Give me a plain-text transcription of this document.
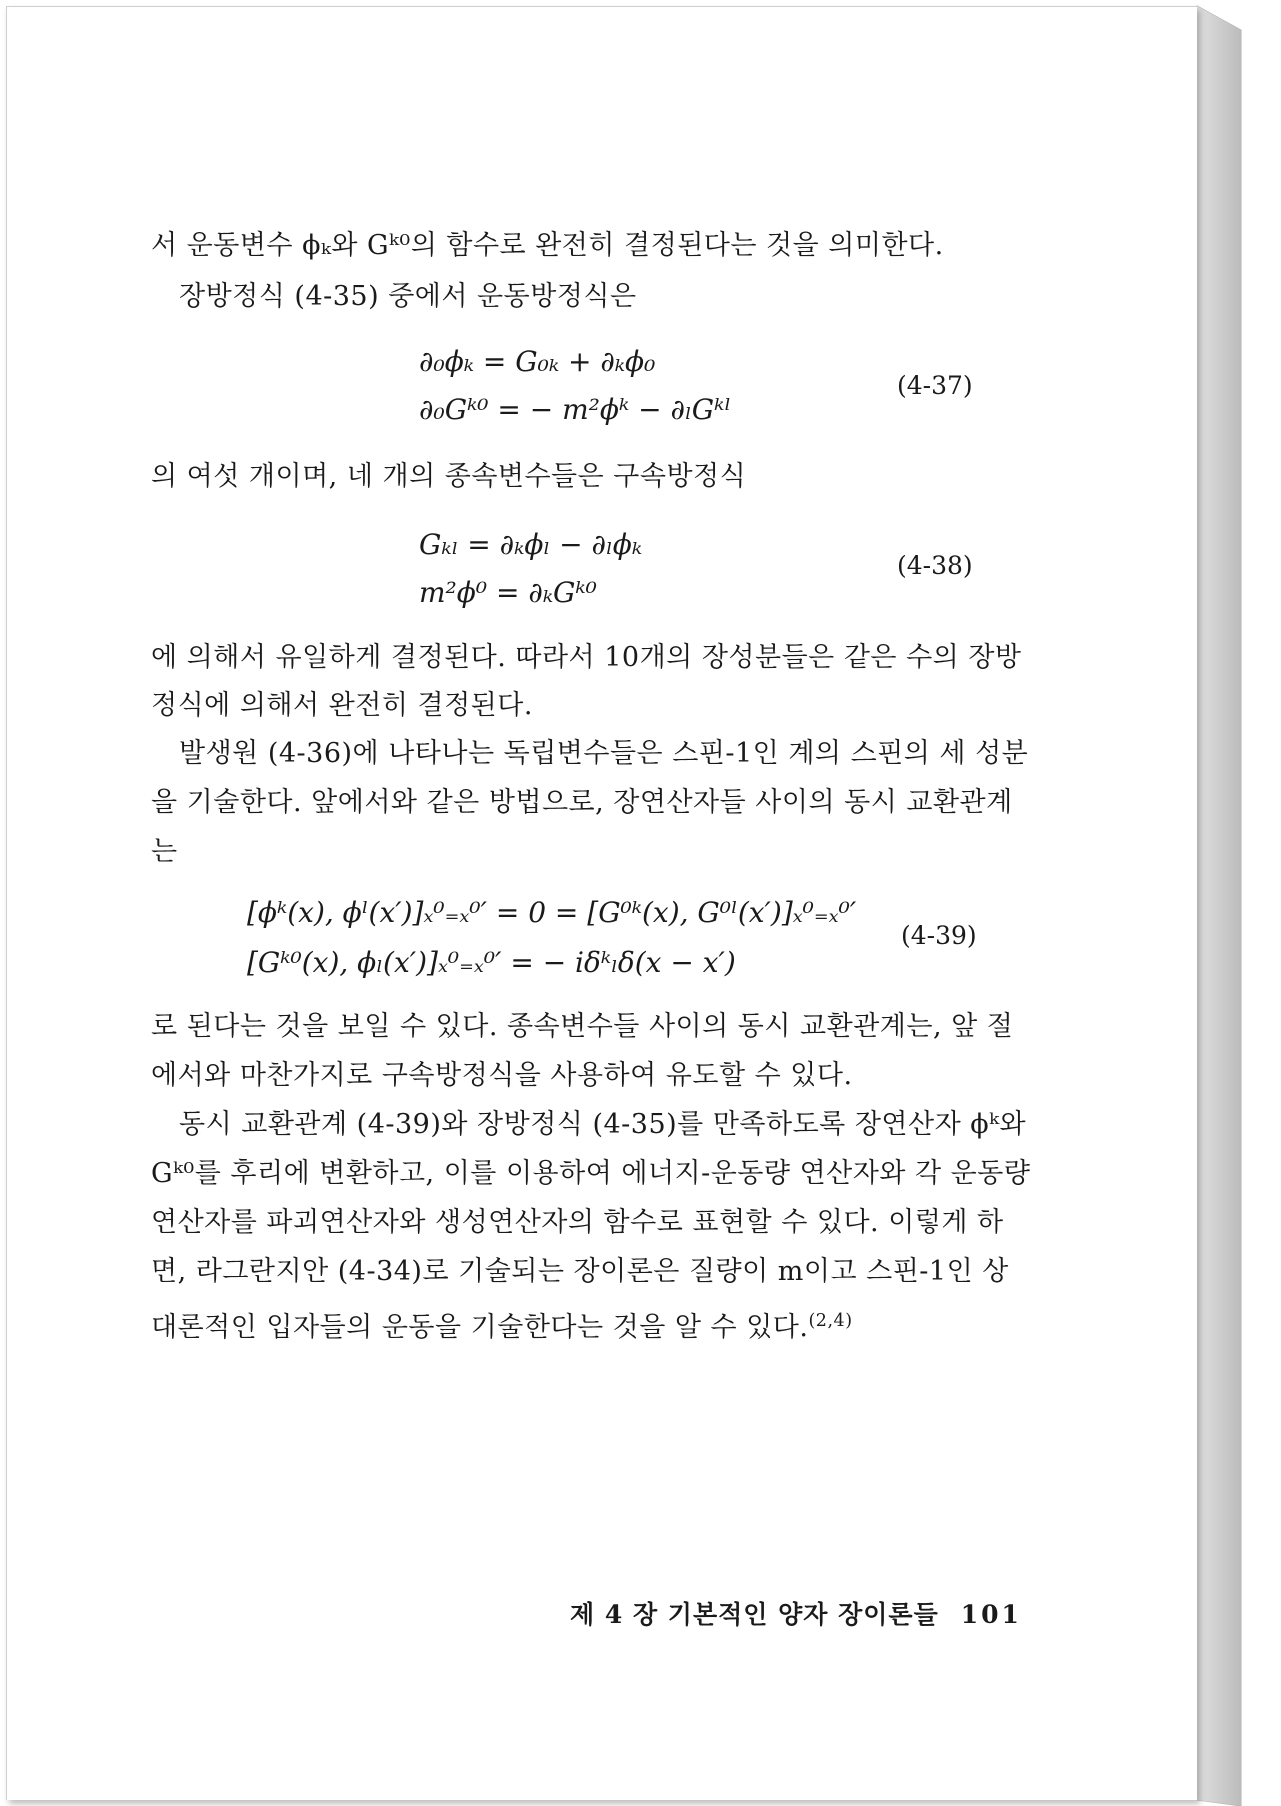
서 운동변수 ϕₖ와 Gᵏ⁰의 함수로 완전히 결정된다는 것을 의미한다.
장방정식 (4-35) 중에서 운동방정식은
∂₀ϕₖ = G₀ₖ + ∂ₖϕ₀
∂₀Gᵏ⁰ = − m²ϕᵏ − ∂ₗGᵏˡ
(4-37)
의 여섯 개이며, 네 개의 종속변수들은 구속방정식
Gₖₗ = ∂ₖϕₗ − ∂ₗϕₖ
m²ϕ⁰ = ∂ₖGᵏ⁰
(4-38)
에 의해서 유일하게 결정된다. 따라서 10개의 장성분들은 같은 수의 장방
정식에 의해서 완전히 결정된다.
발생원 (4-36)에 나타나는 독립변수들은 스핀-1인 계의 스핀의 세 성분
을 기술한다. 앞에서와 같은 방법으로, 장연산자들 사이의 동시 교환관계
는
[ϕᵏ(x), ϕˡ(x′)]ₓ⁰₌ₓ⁰′ = 0 = [G⁰ᵏ(x), G⁰ˡ(x′)]ₓ⁰₌ₓ⁰′
[Gᵏ⁰(x), ϕₗ(x′)]ₓ⁰₌ₓ⁰′ = − iδᵏₗδ(x − x′)
(4-39)
로 된다는 것을 보일 수 있다. 종속변수들 사이의 동시 교환관계는, 앞 절
에서와 마찬가지로 구속방정식을 사용하여 유도할 수 있다.
동시 교환관계 (4-39)와 장방정식 (4-35)를 만족하도록 장연산자 ϕᵏ와
Gᵏ⁰를 후리에 변환하고, 이를 이용하여 에너지-운동량 연산자와 각 운동량
연산자를 파괴연산자와 생성연산자의 함수로 표현할 수 있다. 이렇게 하
면, 라그란지안 (4-34)로 기술되는 장이론은 질량이 m이고 스핀-1인 상
대론적인 입자들의 운동을 기술한다는 것을 알 수 있다.$^{(2,4)}$
제 4 장 기본적인 양자 장이론들 101
